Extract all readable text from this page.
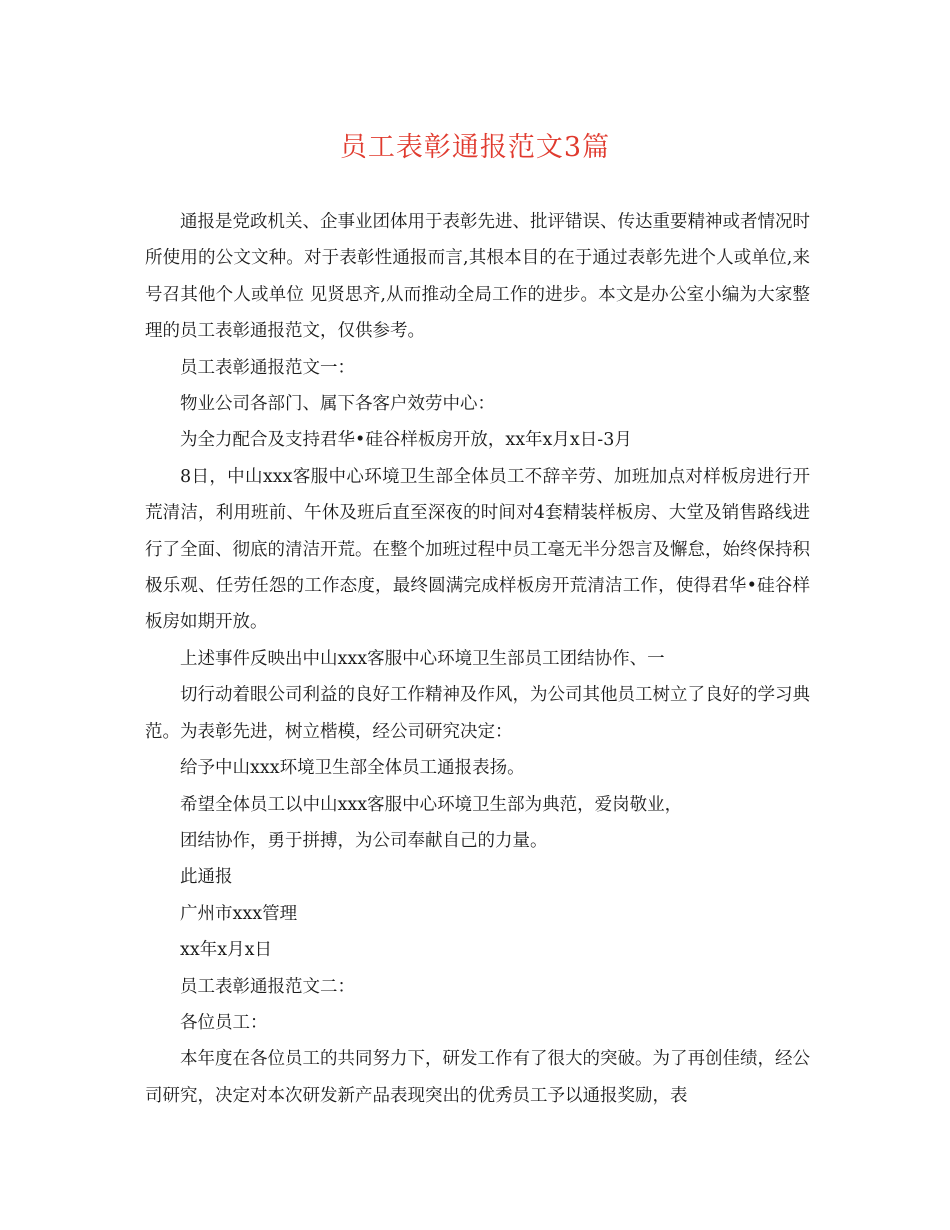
员工表彰通报范文3篇

通报是党政机关、企事业团体用于表彰先进、批评错误、传达重要精神或者情况时所使用的公文文种。对于表彰性通报而言,其根本目的在于通过表彰先进个人或单位,来号召其他个人或单位 见贤思齐,从而推动全局工作的进步。本文是办公室小编为大家整理的员工表彰通报范文，仅供参考。

员工表彰通报范文一：

物业公司各部门、属下各客户效劳中心：

为全力配合及支持君华•硅谷样板房开放，xx年x月x日-3月

8日，中山xxx客服中心环境卫生部全体员工不辞辛劳、加班加点对样板房进行开荒清洁，利用班前、午休及班后直至深夜的时间对4套精装样板房、大堂及销售路线进行了全面、彻底的清洁开荒。在整个加班过程中员工毫无半分怨言及懈怠，始终保持积极乐观、任劳任怨的工作态度，最终圆满完成样板房开荒清洁工作，使得君华•硅谷样板房如期开放。

上述事件反映出中山xxx客服中心环境卫生部员工团结协作、一

切行动着眼公司利益的良好工作精神及作风，为公司其他员工树立了良好的学习典范。为表彰先进，树立楷模，经公司研究决定：

给予中山xxx环境卫生部全体员工通报表扬。

希望全体员工以中山xxx客服中心环境卫生部为典范，爱岗敬业，

团结协作，勇于拼搏，为公司奉献自己的力量。

此通报

广州市xxx管理

xx年x月x日

员工表彰通报范文二：

各位员工：

本年度在各位员工的共同努力下，研发工作有了很大的突破。为了再创佳绩，经公司研究，决定对本次研发新产品表现突出的优秀员工予以通报奖励，表
